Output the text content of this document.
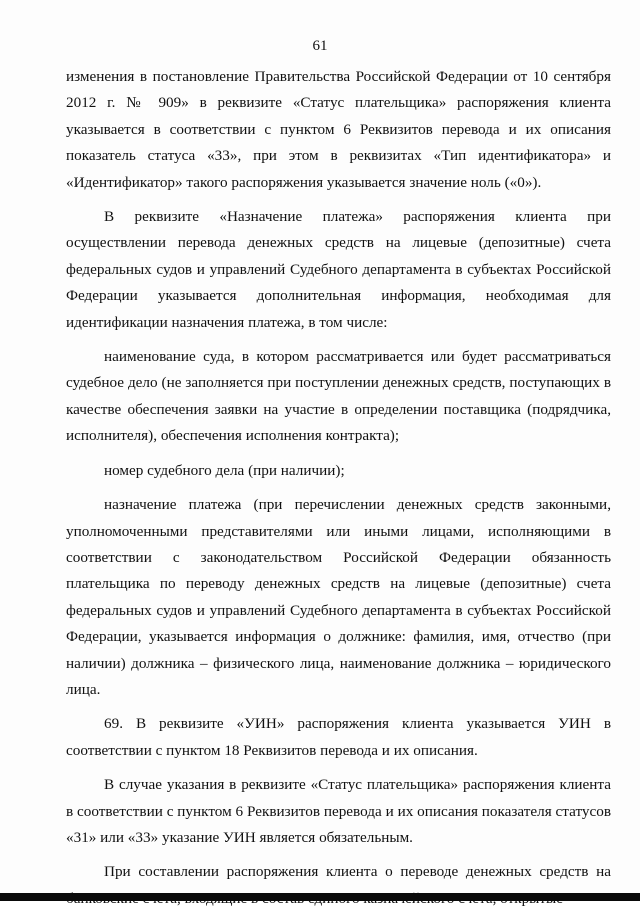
61

изменения в постановление Правительства Российской Федерации от 10 сентября 2012 г. № 909» в реквизите «Статус плательщика» распоряжения клиента указывается в соответствии с пунктом 6 Реквизитов перевода и их описания показатель статуса «33», при этом в реквизитах «Тип идентификатора» и «Идентификатор» такого распоряжения указывается значение ноль («0»).

В реквизите «Назначение платежа» распоряжения клиента при осуществлении перевода денежных средств на лицевые (депозитные) счета федеральных судов и управлений Судебного департамента в субъектах Российской Федерации указывается дополнительная информация, необходимая для идентификации назначения платежа, в том числе:

наименование суда, в котором рассматривается или будет рассматриваться судебное дело (не заполняется при поступлении денежных средств, поступающих в качестве обеспечения заявки на участие в определении поставщика (подрядчика, исполнителя), обеспечения исполнения контракта);

номер судебного дела (при наличии);

назначение платежа (при перечислении денежных средств законными, уполномоченными представителями или иными лицами, исполняющими в соответствии с законодательством Российской Федерации обязанность плательщика по переводу денежных средств на лицевые (депозитные) счета федеральных судов и управлений Судебного департамента в субъектах Российской Федерации, указывается информация о должнике: фамилия, имя, отчество (при наличии) должника – физического лица, наименование должника – юридического лица.

69. В реквизите «УИН» распоряжения клиента указывается УИН в соответствии с пунктом 18 Реквизитов перевода и их описания.

В случае указания в реквизите «Статус плательщика» распоряжения клиента в соответствии с пунктом 6 Реквизитов перевода и их описания показателя статусов «31» или «33» указание УИН является обязательным.

При составлении распоряжения клиента о переводе денежных средств на
